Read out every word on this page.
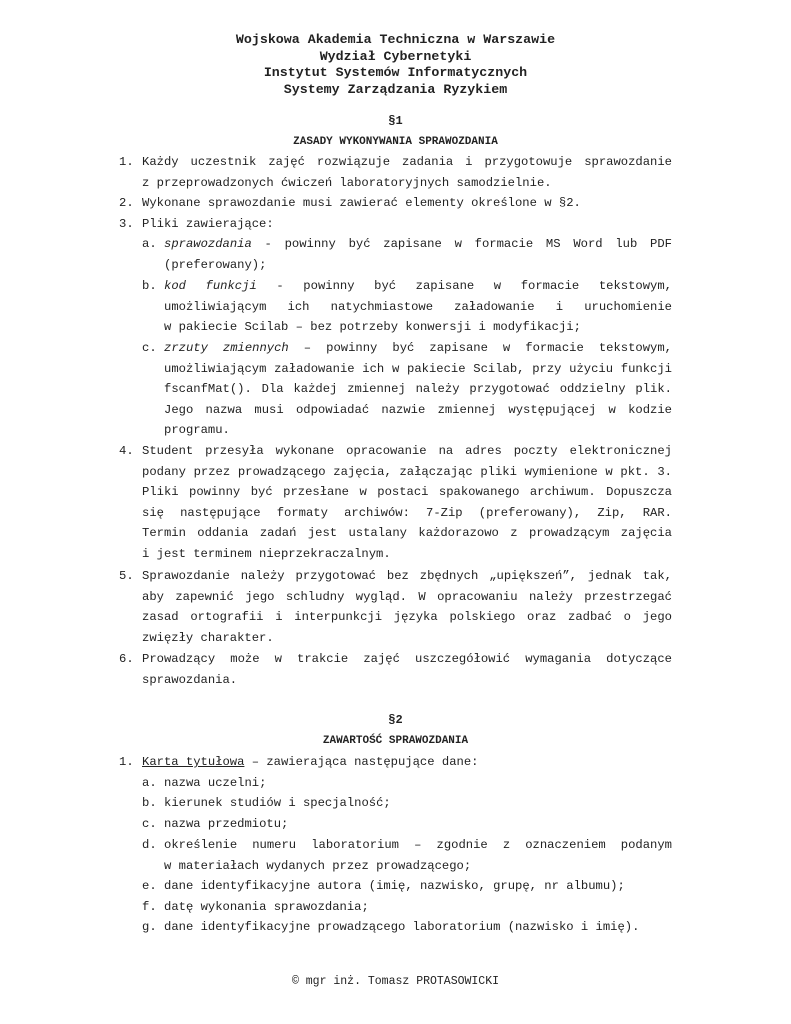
Wojskowa Akademia Techniczna w Warszawie
Wydział Cybernetyki
Instytut Systemów Informatycznych
Systemy Zarządzania Ryzykiem
§1
ZASADY WYKONYWANIA SPRAWOZDANIA
1. Każdy uczestnik zajęć rozwiązuje zadania i przygotowuje sprawozdanie
z przeprowadzonych ćwiczeń laboratoryjnych samodzielnie.
2. Wykonane sprawozdanie musi zawierać elementy określone w §2.
3. Pliki zawierające:
a. sprawozdania - powinny być zapisane w formacie MS Word lub PDF
(preferowany);
b. kod funkcji - powinny być zapisane w formacie tekstowym,
umożliwiającym ich natychmiastowe załadowanie i uruchomienie
w pakiecie Scilab – bez potrzeby konwersji i modyfikacji;
c. zrzuty zmiennych – powinny być zapisane w formacie tekstowym,
umożliwiającym załadowanie ich w pakiecie Scilab, przy użyciu funkcji
fscanfMat(). Dla każdej zmiennej należy przygotować oddzielny plik.
Jego nazwa musi odpowiadać nazwie zmiennej występującej w kodzie
programu.
4. Student przesyła wykonane opracowanie na adres poczty elektronicznej
podany przez prowadzącego zajęcia, załączając pliki wymienione w pkt. 3.
Pliki powinny być przesłane w postaci spakowanego archiwum. Dopuszcza
się następujące formaty archiwów: 7-Zip (preferowany), Zip, RAR.
Termin oddania zadań jest ustalany każdorazowo z prowadzącym zajęcia
i jest terminem nieprzekraczalnym.
5. Sprawozdanie należy przygotować bez zbędnych „upiększeń”, jednak tak,
aby zapewnić jego schludny wygląd. W opracowaniu należy przestrzegać
zasad ortografii i interpunkcji języka polskiego oraz zadbać o jego
zwięzły charakter.
6. Prowadzący może w trakcie zajęć uszczegółowić wymagania dotyczące
sprawozdania.
§2
ZAWARTOŚĆ SPRAWOZDANIA
1. Karta tytułowa – zawierająca następujące dane:
a. nazwa uczelni;
b. kierunek studiów i specjalność;
c. nazwa przedmiotu;
d. określenie numeru laboratorium – zgodnie z oznaczeniem podanym
w materiałach wydanych przez prowadzącego;
e. dane identyfikacyjne autora (imię, nazwisko, grupę, nr albumu);
f. datę wykonania sprawozdania;
g. dane identyfikacyjne prowadzącego laboratorium (nazwisko i imię).
© mgr inż. Tomasz PROTASOWICKI
